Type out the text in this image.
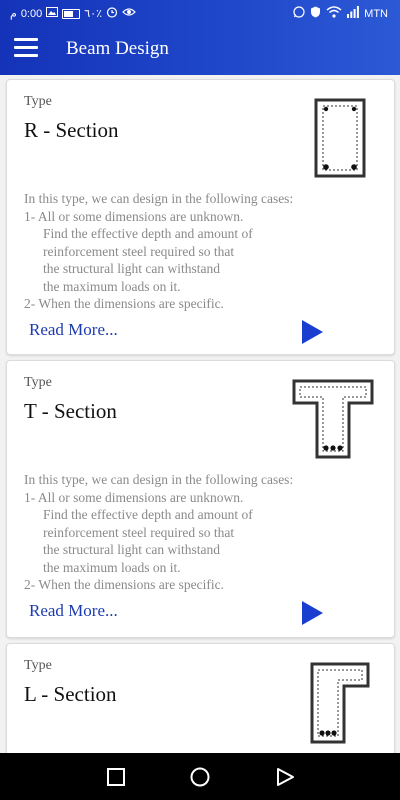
م 0:00	٦٠٪	MTN
Beam Design
Type
R - Section
In this type, we can design in the following cases:
1- All or some dimensions are unknown.
Find the effective depth and amount of
reinforcement steel required so that
the structural light can withstand
the maximum loads on it.
2- When the dimensions are specific.
Read More...
Type
T - Section
In this type, we can design in the following cases:
1- All or some dimensions are unknown.
Find the effective depth and amount of
reinforcement steel required so that
the structural light can withstand
the maximum loads on it.
2- When the dimensions are specific.
Read More...
Type
L - Section
